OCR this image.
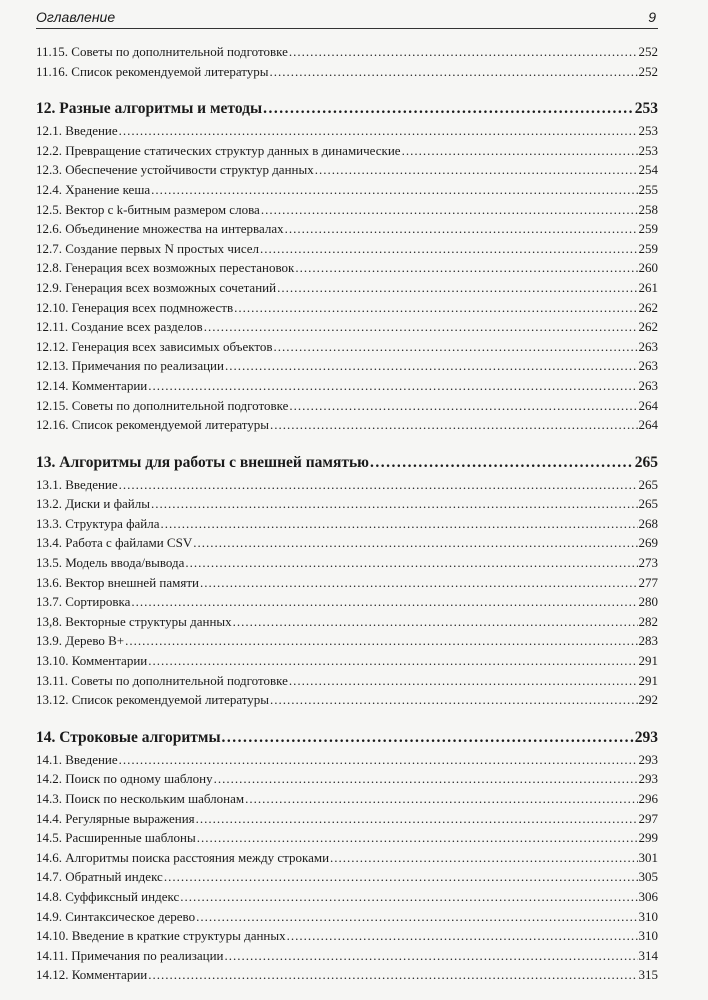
Оглавление	9
11.15. Советы по дополнительной подготовке .....	252
11.16. Список рекомендуемой литературы .....	252
12. Разные алгоритмы и методы .....	253
12.1. Введение .....	253
12.2. Превращение статических структур данных в динамические .....	253
12.3. Обеспечение устойчивости структур данных .....	254
12.4. Хранение кеша .....	255
12.5. Вектор с k-битным размером слова .....	258
12.6. Объединение множества на интервалах .....	259
12.7. Создание первых N простых чисел .....	259
12.8. Генерация всех возможных перестановок .....	260
12.9. Генерация всех возможных сочетаний .....	261
12.10. Генерация всех подмножеств .....	262
12.11. Создание всех разделов .....	262
12.12. Генерация всех зависимых объектов .....	263
12.13. Примечания по реализации .....	263
12.14. Комментарии .....	263
12.15. Советы по дополнительной подготовке .....	264
12.16. Список рекомендуемой литературы .....	264
13. Алгоритмы для работы с внешней памятью .....	265
13.1. Введение .....	265
13.2. Диски и файлы .....	265
13.3. Структура файла .....	268
13.4. Работа с файлами CSV .....	269
13.5. Модель ввода/вывода .....	273
13.6. Вектор внешней памяти .....	277
13.7. Сортировка .....	280
13,8. Векторные структуры данных .....	282
13.9. Дерево B+ .....	283
13.10. Комментарии .....	291
13.11. Советы по дополнительной подготовке .....	291
13.12. Список рекомендуемой литературы .....	292
14. Строковые алгоритмы .....	293
14.1. Введение .....	293
14.2. Поиск по одному шаблону .....	293
14.3. Поиск по нескольким шаблонам .....	296
14.4. Регулярные выражения .....	297
14.5. Расширенные шаблоны .....	299
14.6. Алгоритмы поиска расстояния между строками .....	301
14.7. Обратный индекс .....	305
14.8. Суффиксный индекс .....	306
14.9. Синтаксическое дерево .....	310
14.10. Введение в краткие структуры данных .....	310
14.11. Примечания по реализации .....	314
14.12. Комментарии .....	315
